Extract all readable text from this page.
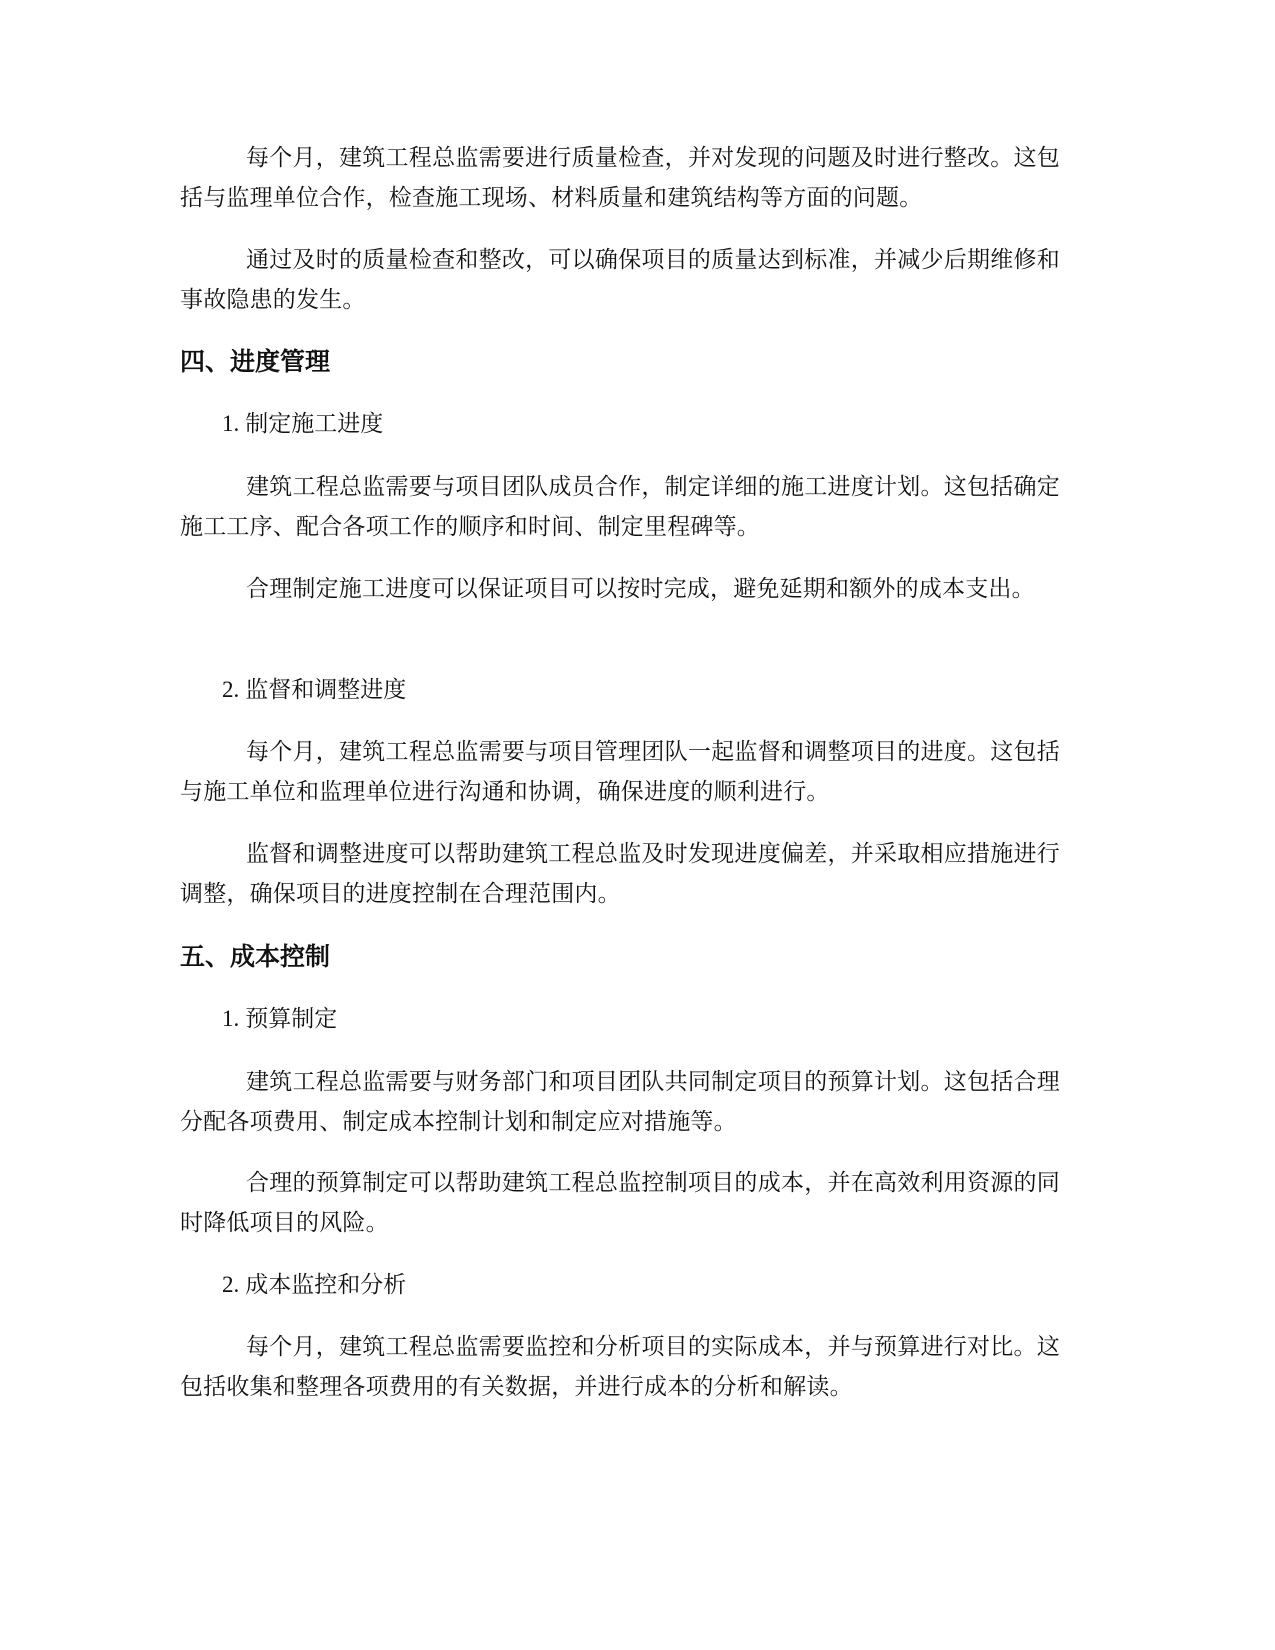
每个月，建筑工程总监需要进行质量检查，并对发现的问题及时进行整改。这包括与监理单位合作，检查施工现场、材料质量和建筑结构等方面的问题。

通过及时的质量检查和整改，可以确保项目的质量达到标准，并减少后期维修和事故隐患的发生。

四、进度管理
1. 制定施工进度

建筑工程总监需要与项目团队成员合作，制定详细的施工进度计划。这包括确定施工工序、配合各项工作的顺序和时间、制定里程碑等。

合理制定施工进度可以保证项目可以按时完成，避免延期和额外的成本支出。

2. 监督和调整进度

每个月，建筑工程总监需要与项目管理团队一起监督和调整项目的进度。这包括与施工单位和监理单位进行沟通和协调，确保进度的顺利进行。

监督和调整进度可以帮助建筑工程总监及时发现进度偏差，并采取相应措施进行调整，确保项目的进度控制在合理范围内。

五、成本控制
1. 预算制定

建筑工程总监需要与财务部门和项目团队共同制定项目的预算计划。这包括合理分配各项费用、制定成本控制计划和制定应对措施等。

合理的预算制定可以帮助建筑工程总监控制项目的成本，并在高效利用资源的同时降低项目的风险。

2. 成本监控和分析

每个月，建筑工程总监需要监控和分析项目的实际成本，并与预算进行对比。这包括收集和整理各项费用的有关数据，并进行成本的分析和解读。
